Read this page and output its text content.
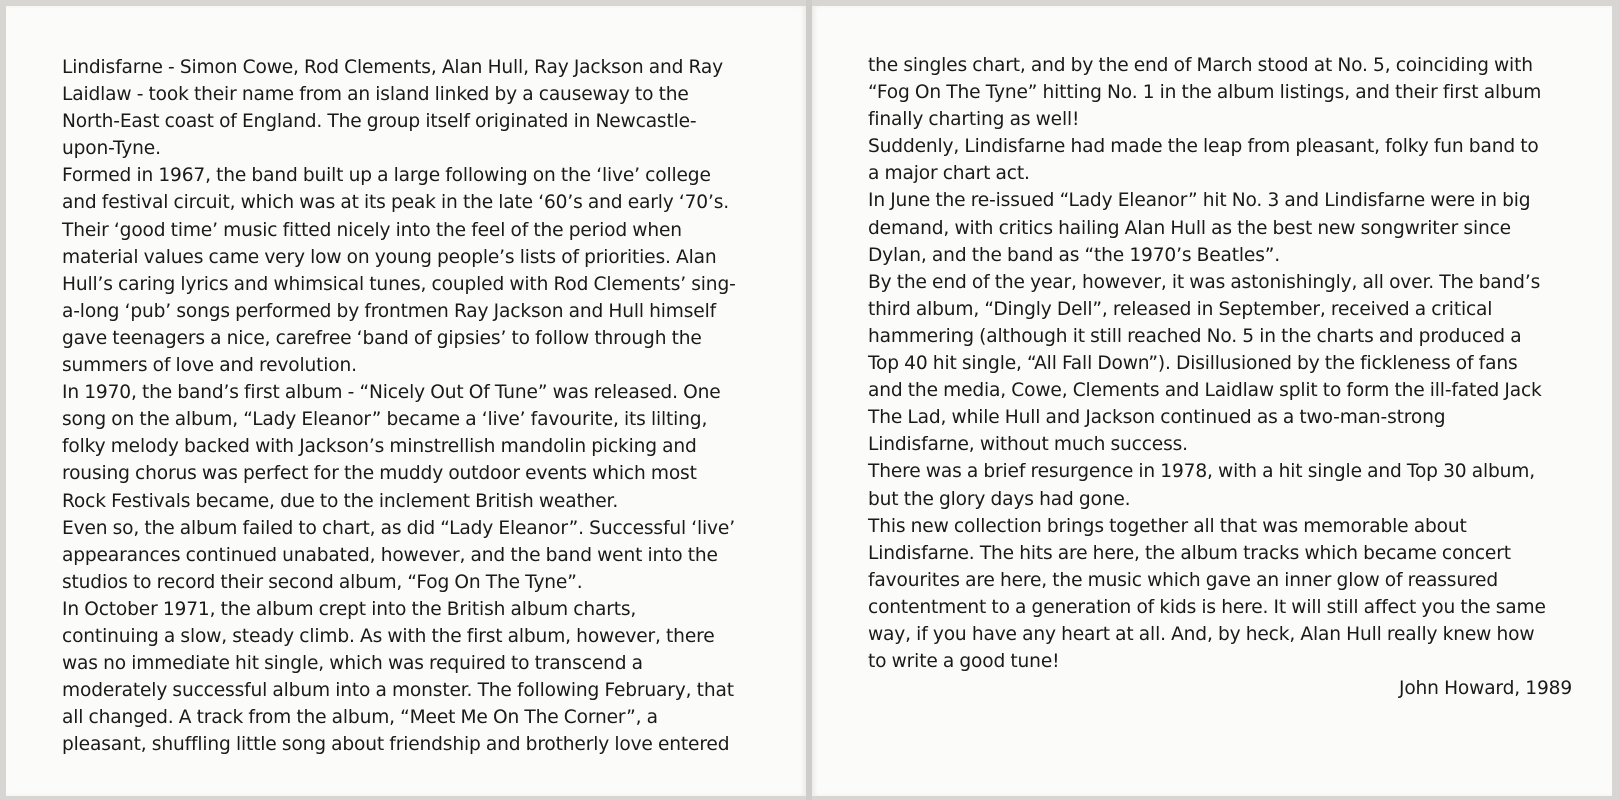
Lindisfarne - Simon Cowe, Rod Clements, Alan Hull, Ray Jackson and Ray
Laidlaw - took their name from an island linked by a causeway to the
North-East coast of England. The group itself originated in Newcastle-
upon-Tyne.
Formed in 1967, the band built up a large following on the ‘live’ college
and festival circuit, which was at its peak in the late ‘60’s and early ‘70’s.
Their ‘good time’ music fitted nicely into the feel of the period when
material values came very low on young people’s lists of priorities. Alan
Hull’s caring lyrics and whimsical tunes, coupled with Rod Clements’ sing-
a-long ‘pub’ songs performed by frontmen Ray Jackson and Hull himself
gave teenagers a nice, carefree ‘band of gipsies’ to follow through the
summers of love and revolution.
In 1970, the band’s first album - “Nicely Out Of Tune” was released. One
song on the album, “Lady Eleanor” became a ‘live’ favourite, its lilting,
folky melody backed with Jackson’s minstrellish mandolin picking and
rousing chorus was perfect for the muddy outdoor events which most
Rock Festivals became, due to the inclement British weather.
Even so, the album failed to chart, as did “Lady Eleanor”. Successful ‘live’
appearances continued unabated, however, and the band went into the
studios to record their second album, “Fog On The Tyne”.
In October 1971, the album crept into the British album charts,
continuing a slow, steady climb. As with the first album, however, there
was no immediate hit single, which was required to transcend a
moderately successful album into a monster. The following February, that
all changed. A track from the album, “Meet Me On The Corner”, a
pleasant, shuffling little song about friendship and brotherly love entered
the singles chart, and by the end of March stood at No. 5, coinciding with
“Fog On The Tyne” hitting No. 1 in the album listings, and their first album
finally charting as well!
Suddenly, Lindisfarne had made the leap from pleasant, folky fun band to
a major chart act.
In June the re-issued “Lady Eleanor” hit No. 3 and Lindisfarne were in big
demand, with critics hailing Alan Hull as the best new songwriter since
Dylan, and the band as “the 1970’s Beatles”.
By the end of the year, however, it was astonishingly, all over. The band’s
third album, “Dingly Dell”, released in September, received a critical
hammering (although it still reached No. 5 in the charts and produced a
Top 40 hit single, “All Fall Down”). Disillusioned by the fickleness of fans
and the media, Cowe, Clements and Laidlaw split to form the ill-fated Jack
The Lad, while Hull and Jackson continued as a two-man-strong
Lindisfarne, without much success.
There was a brief resurgence in 1978, with a hit single and Top 30 album,
but the glory days had gone.
This new collection brings together all that was memorable about
Lindisfarne. The hits are here, the album tracks which became concert
favourites are here, the music which gave an inner glow of reassured
contentment to a generation of kids is here. It will still affect you the same
way, if you have any heart at all. And, by heck, Alan Hull really knew how
to write a good tune!
John Howard, 1989
